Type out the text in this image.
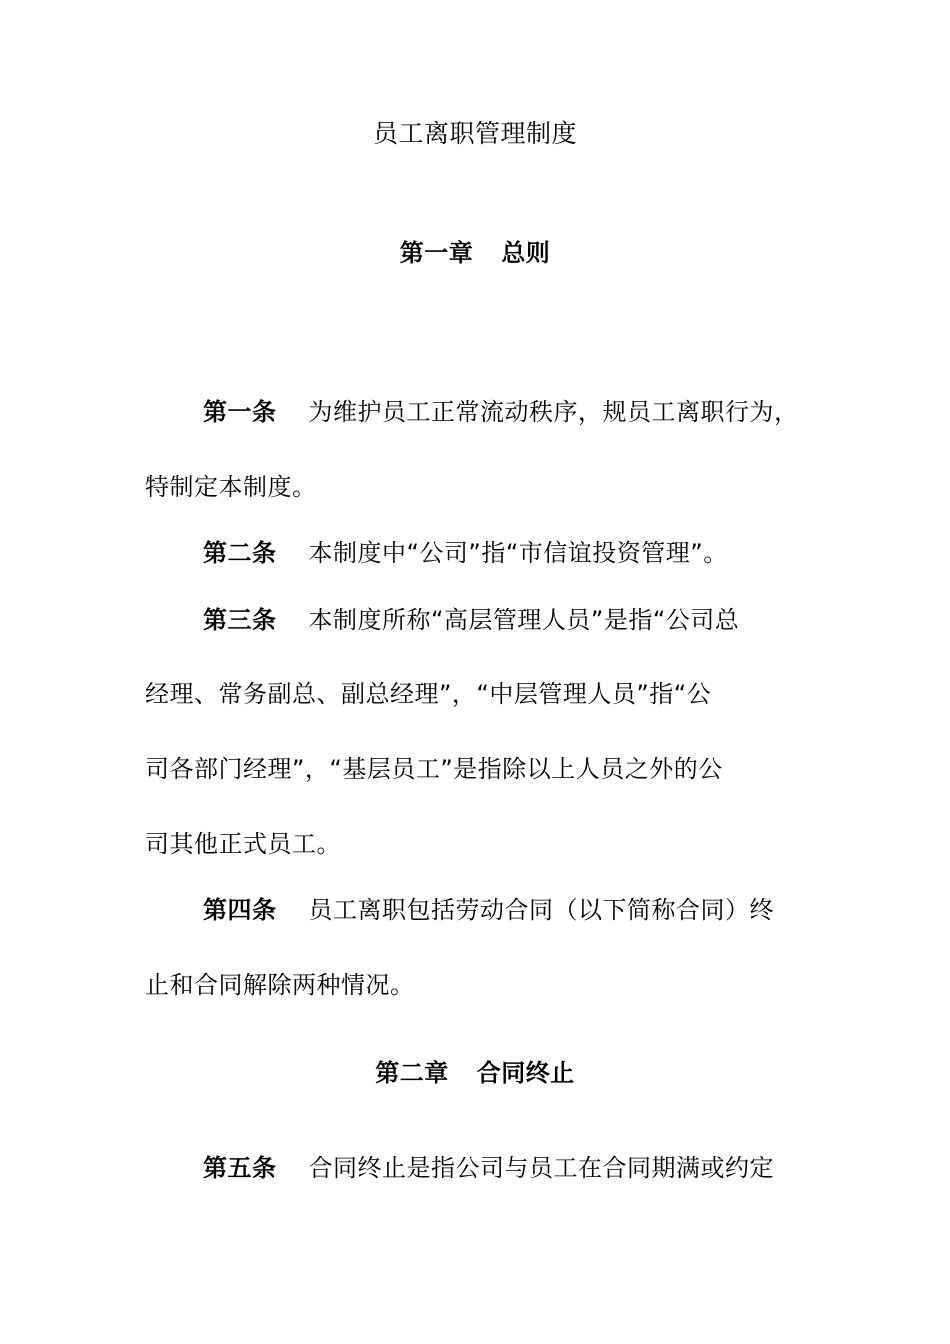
员工离职管理制度
第一章 总则
第一条 为维护员工正常流动秩序，规员工离职行为，
特制定本制度。
第二条 本制度中“公司”指“市信谊投资管理”。
第三条 本制度所称“高层管理人员”是指“公司总
经理、常务副总、副总经理”，“中层管理人员”指“公
司各部门经理”，“基层员工”是指除以上人员之外的公
司其他正式员工。
第四条 员工离职包括劳动合同（以下简称合同）终
止和合同解除两种情况。
第二章 合同终止
第五条 合同终止是指公司与员工在合同期满或约定
